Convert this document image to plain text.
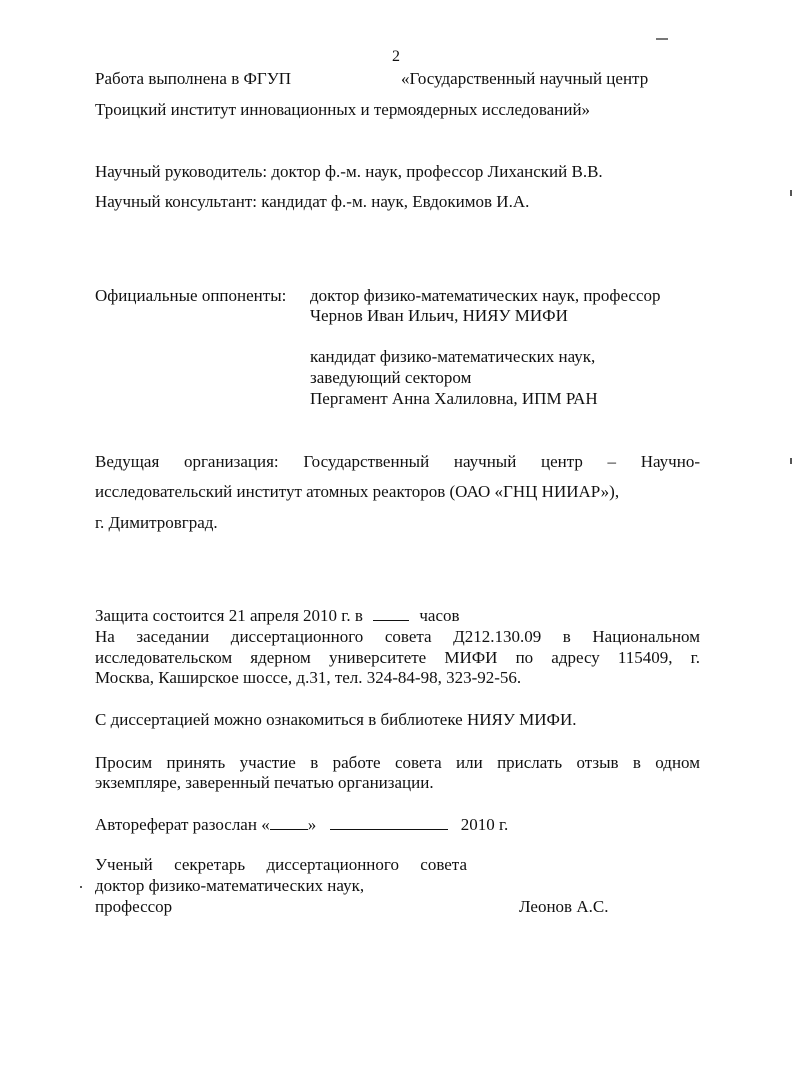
2
Работа выполнена в ФГУП	«Государственный научный центр
Троицкий институт инновационных и термоядерных исследований»
Научный руководитель: доктор ф.-м. наук, профессор Лиханский В.В.
Научный консультант: кандидат ф.-м. наук, Евдокимов И.А.
Официальные оппоненты: доктор физико-математических наук, профессор
Чернов Иван Ильич, НИЯУ МИФИ
кандидат физико-математических наук,
заведующий сектором
Пергамент Анна Халиловна, ИПМ РАН
Ведущая организация: Государственный научный центр – Научно-
исследовательский институт атомных реакторов (ОАО «ГНЦ НИИАР»),
г. Димитровград.
Защита состоится 21 апреля 2010 г. в	часов
На заседании диссертационного совета Д212.130.09 в Национальном
исследовательском ядерном университете МИФИ по адресу 115409, г.
Москва, Каширское шоссе, д.31, тел. 324-84-98, 323-92-56.
С диссертацией можно ознакомиться в библиотеке НИЯУ МИФИ.
Просим принять участие в работе совета или прислать отзыв в одном
экземпляре, заверенный печатью организации.
Автореферат разослан « »	2010 г.
Ученый секретарь диссертационного совета
доктор физико-математических наук,
профессор	Леонов А.С.
